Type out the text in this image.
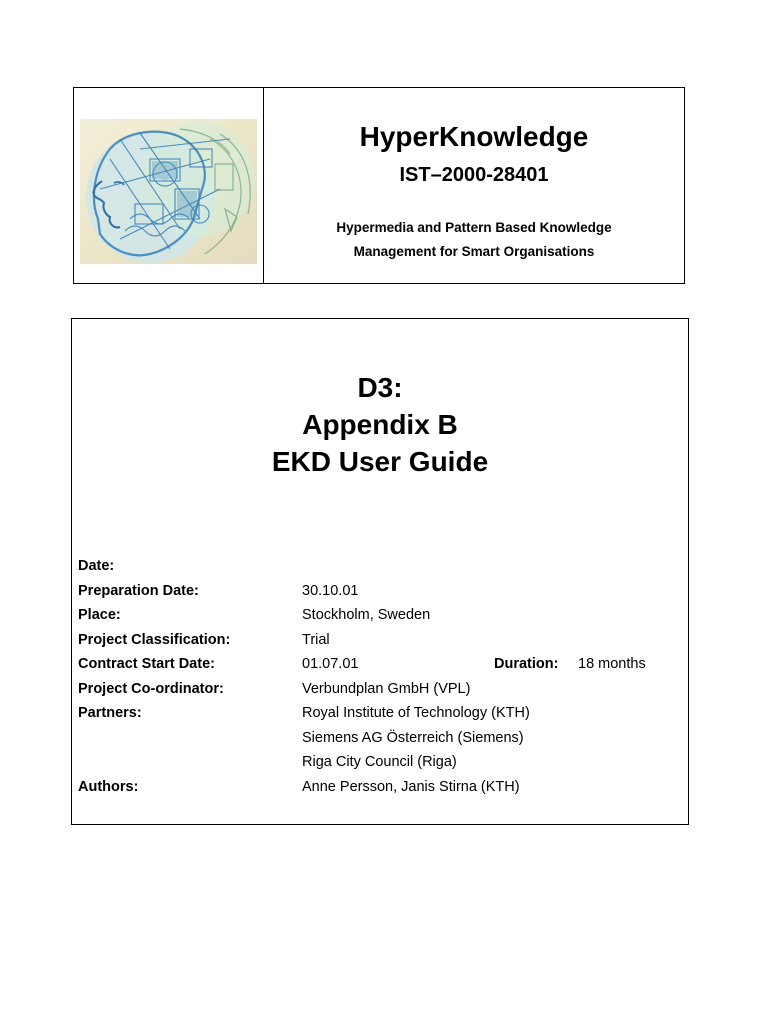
HyperKnowledge
IST–2000-28401
Hypermedia and Pattern Based Knowledge
Management for Smart Organisations
D3:
Appendix B
EKD User Guide
Date:
Preparation Date:	30.10.01
Place:	Stockholm, Sweden
Project Classification:	Trial
Contract Start Date:	01.07.01	Duration: 18 months
Project Co-ordinator:	Verbundplan GmbH (VPL)
Partners:	Royal Institute of Technology (KTH)
Siemens AG Österreich (Siemens)
Riga City Council (Riga)
Authors:	Anne Persson, Janis Stirna (KTH)
